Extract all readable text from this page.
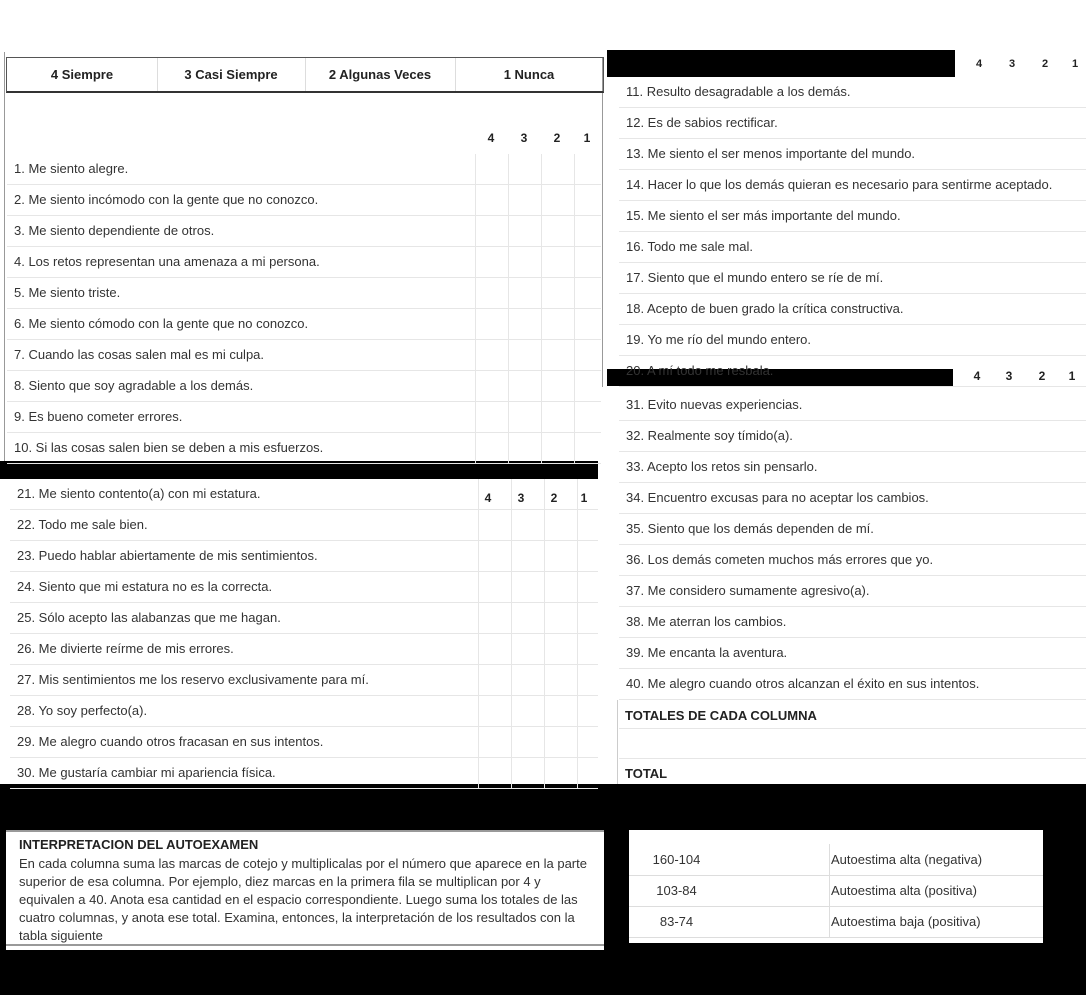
4 Siempre	3 Casi Siempre	2 Algunas Veces	1 Nunca
4	3	2	1
1. Me siento alegre.
2. Me siento incómodo con la gente que no conozco.
3. Me siento dependiente de otros.
4. Los retos representan una amenaza a mi persona.
5. Me siento triste.
6. Me siento cómodo con la gente que no conozco.
7. Cuando las cosas salen mal es mi culpa.
8. Siento que soy agradable a los demás.
9. Es bueno cometer errores.
10. Si las cosas salen bien se deben a mis esfuerzos.
4	3	2	1
11. Resulto desagradable a los demás.
12. Es de sabios rectificar.
13. Me siento el ser menos importante del mundo.
14. Hacer lo que los demás quieran es necesario para sentirme aceptado.
15. Me siento el ser más importante del mundo.
16. Todo me sale mal.
17. Siento que el mundo entero se ríe de mí.
18. Acepto de buen grado la crítica constructiva.
19. Yo me río del mundo entero.
20. A mí todo me resbala.
4	3	2	1
21. Me siento contento(a) con mi estatura.
22. Todo me sale bien.
23. Puedo hablar abiertamente de mis sentimientos.
24. Siento que mi estatura no es la correcta.
25. Sólo acepto las alabanzas que me hagan.
26. Me divierte reírme de mis errores.
27. Mis sentimientos me los reservo exclusivamente para mí.
28. Yo soy perfecto(a).
29. Me alegro cuando otros fracasan en sus intentos.
30. Me gustaría cambiar mi apariencia física.
4	3	2	1
31. Evito nuevas experiencias.
32. Realmente soy tímido(a).
33. Acepto los retos sin pensarlo.
34. Encuentro excusas para no aceptar los cambios.
35. Siento que los demás dependen de mí.
36. Los demás cometen muchos más errores que yo.
37. Me considero sumamente agresivo(a).
38. Me aterran los cambios.
39. Me encanta la aventura.
40. Me alegro cuando otros alcanzan el éxito en sus intentos.
TOTALES DE CADA COLUMNA
TOTAL
INTERPRETACION DEL AUTOEXAMEN
En cada columna suma las marcas de cotejo y multiplicalas por el número que aparece en la parte superior de esa columna. Por ejemplo, diez marcas en la primera fila se multiplican por 4 y equivalen a 40. Anota esa cantidad en el espacio correspondiente. Luego suma los totales de las cuatro columnas, y anota ese total. Examina, entonces, la interpretación de los resultados con la tabla siguiente
160-104	Autoestima alta (negativa)
103-84	Autoestima alta (positiva)
83-74	Autoestima baja (positiva)
